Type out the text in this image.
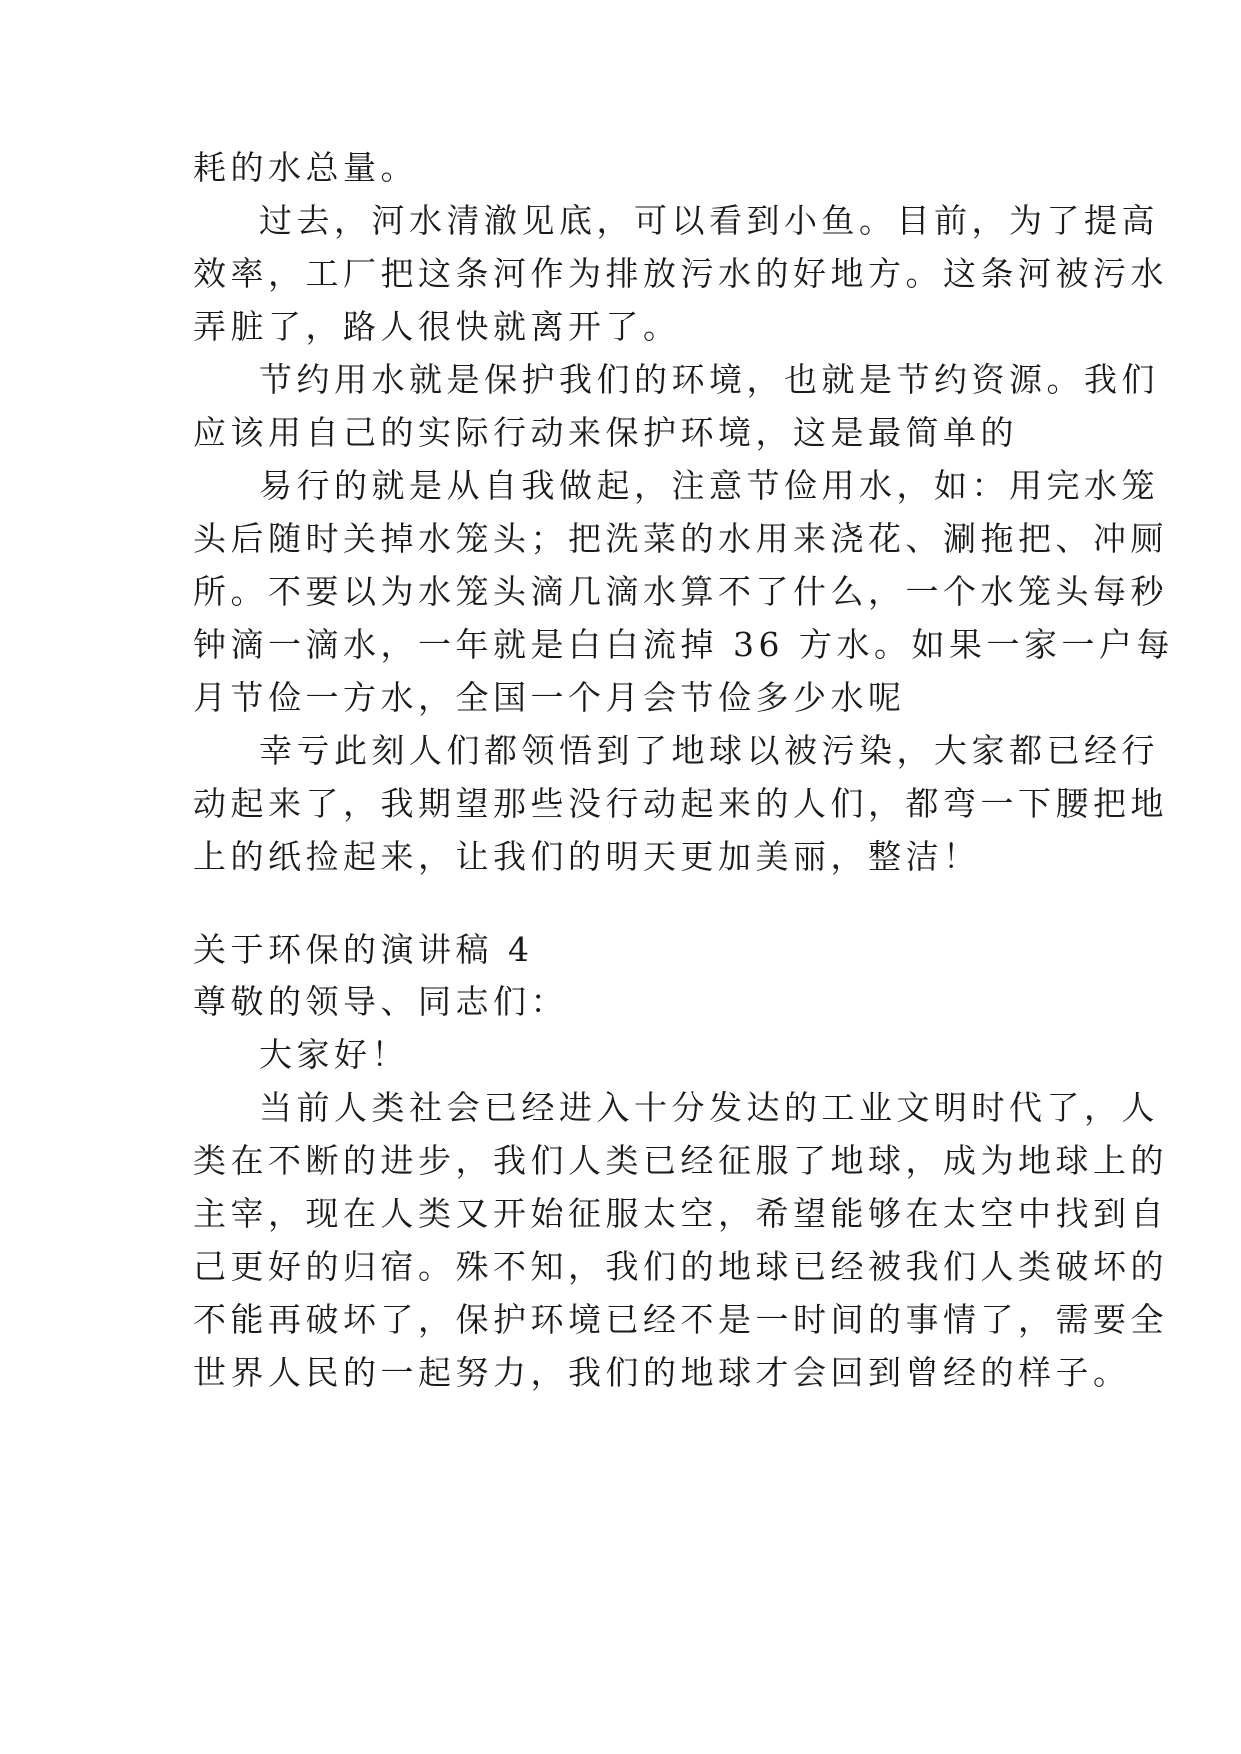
耗的水总量。
过去，河水清澈见底，可以看到小鱼。目前，为了提高
效率，工厂把这条河作为排放污水的好地方。这条河被污水
弄脏了，路人很快就离开了。
节约用水就是保护我们的环境，也就是节约资源。我们
应该用自己的实际行动来保护环境，这是最简单的
易行的就是从自我做起，注意节俭用水，如：用完水笼
头后随时关掉水笼头；把洗菜的水用来浇花、涮拖把、冲厕
所。不要以为水笼头滴几滴水算不了什么，一个水笼头每秒
钟滴一滴水，一年就是白白流掉 36 方水。如果一家一户每
月节俭一方水，全国一个月会节俭多少水呢
幸亏此刻人们都领悟到了地球以被污染，大家都已经行
动起来了，我期望那些没行动起来的人们，都弯一下腰把地
上的纸捡起来，让我们的明天更加美丽，整洁！
关于环保的演讲稿 4
尊敬的领导、同志们：
大家好！
当前人类社会已经进入十分发达的工业文明时代了，人
类在不断的进步，我们人类已经征服了地球，成为地球上的
主宰，现在人类又开始征服太空，希望能够在太空中找到自
己更好的归宿。殊不知，我们的地球已经被我们人类破坏的
不能再破坏了，保护环境已经不是一时间的事情了，需要全
世界人民的一起努力，我们的地球才会回到曾经的样子。
